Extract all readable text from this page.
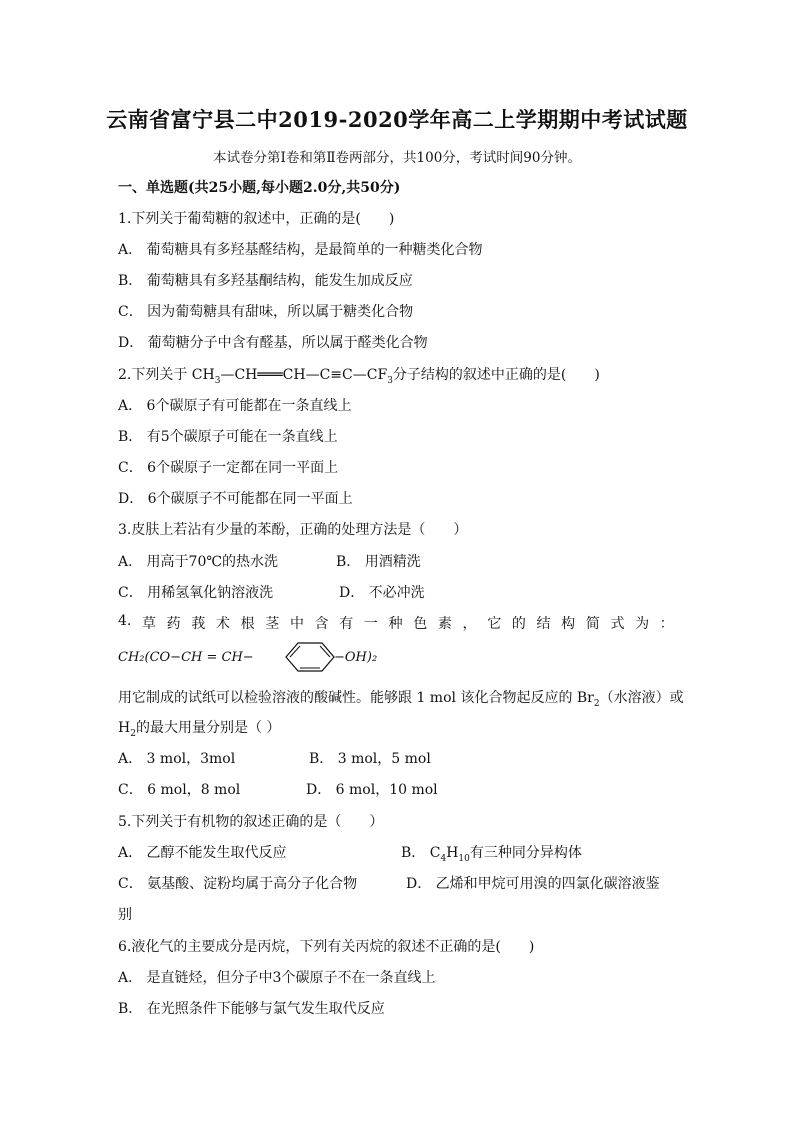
云南省富宁县二中2019-2020学年高二上学期期中考试试题
本试卷分第Ⅰ卷和第Ⅱ卷两部分，共100分，考试时间90分钟。
一、单选题(共25小题,每小题2.0分,共50分)
1.下列关于葡萄糖的叙述中，正确的是(　　)
A． 葡萄糖具有多羟基醛结构，是最简单的一种糖类化合物
B． 葡萄糖具有多羟基酮结构，能发生加成反应
C． 因为葡萄糖具有甜味，所以属于糖类化合物
D． 葡萄糖分子中含有醛基，所以属于醛类化合物
2.下列关于 $CH_3—CH═══CH—C\equiv C—CF_3$分子结构的叙述中正确的是(　　)
A． 6个碳原子有可能都在一条直线上
B． 有5个碳原子可能在一条直线上
C． 6个碳原子一定都在同一平面上
D． 6个碳原子不可能都在同一平面上
3.皮肤上若沾有少量的苯酚，正确的处理方法是（　　）
A． 用高于70℃的热水洗	B． 用酒精洗
C． 用稀氢氧化钠溶液洗	D． 不必冲洗
4. 草 药 莪 术 根 茎 中 含 有 一 种 色 素 ， 它 的 结 构 简 式 为 ：
CH₂(CO−CH = CH−	−OH)₂
用它制成的试纸可以检验溶液的酸碱性。能够跟 1 mol 该化合物起反应的 $Br_2$（水溶液）或
$H_2$的最大用量分别是（ ）
A． 3 mol，3mol	B． 3 mol，5 mol
C． 6 mol，8 mol	D． 6 mol，10 mol
5.下列关于有机物的叙述正确的是（　　）
A． 乙醇不能发生取代反应	B． $C_4H_{10}$有三种同分异构体
C． 氨基酸、淀粉均属于高分子化合物	D． 乙烯和甲烷可用溴的四氯化碳溶液鉴
别
6.液化气的主要成分是丙烷，下列有关丙烷的叙述不正确的是(　　)
A． 是直链烃，但分子中3个碳原子不在一条直线上
B． 在光照条件下能够与氯气发生取代反应
